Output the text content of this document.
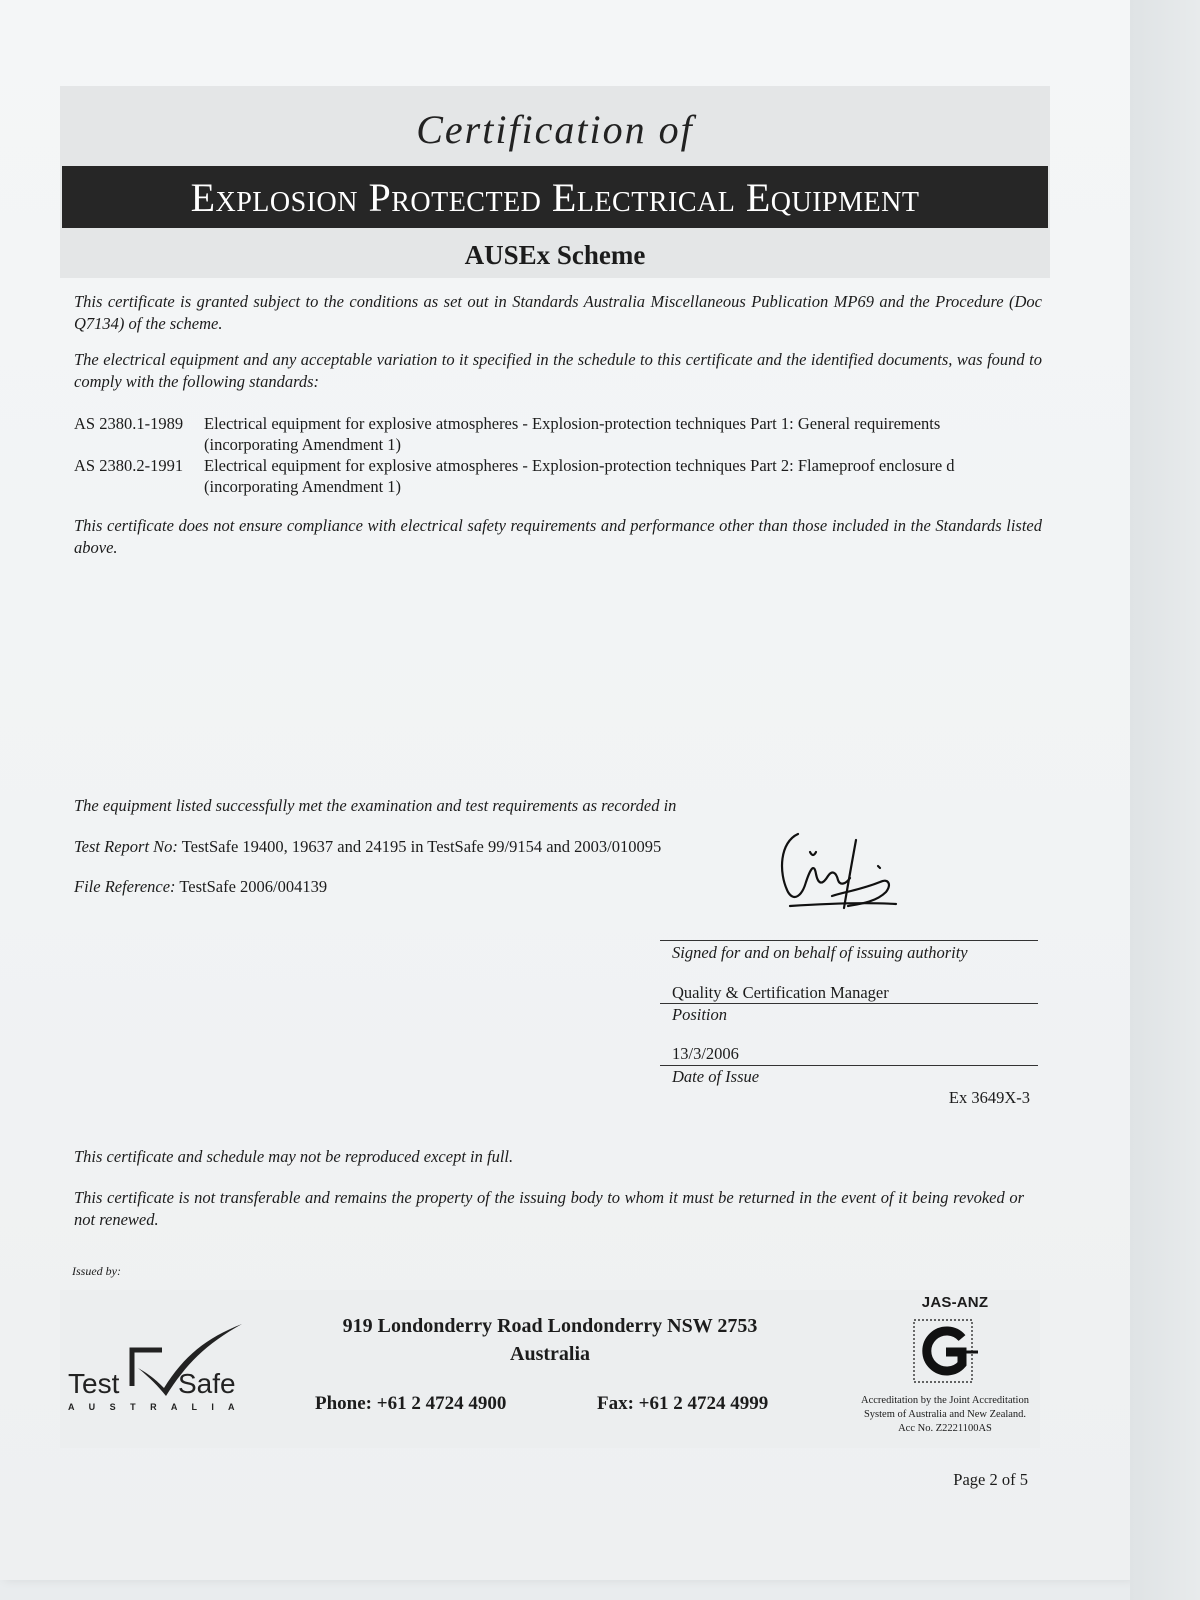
Certification of
Explosion Protected Electrical Equipment
AUSEx Scheme
This certificate is granted subject to the conditions as set out in Standards Australia Miscellaneous Publication MP69 and the Procedure (Doc Q7134) of the scheme.
The electrical equipment and any acceptable variation to it specified in the schedule to this certificate and the identified documents, was found to comply with the following standards:
AS 2380.1-1989	Electrical equipment for explosive atmospheres - Explosion-protection techniques Part 1: General requirements
(incorporating Amendment 1)
AS 2380.2-1991	Electrical equipment for explosive atmospheres - Explosion-protection techniques Part 2: Flameproof enclosure d
(incorporating Amendment 1)
This certificate does not ensure compliance with electrical safety requirements and performance other than those included in the Standards listed above.
The equipment listed successfully met the examination and test requirements as recorded in
Test Report No: TestSafe 19400, 19637 and 24195 in TestSafe 99/9154 and 2003/010095
File Reference: TestSafe 2006/004139
Signed for and on behalf of issuing authority
Quality & Certification Manager
Position
13/3/2006
Date of Issue
Ex 3649X-3
This certificate and schedule may not be reproduced except in full.
This certificate is not transferable and remains the property of the issuing body to whom it must be returned in the event of it being revoked or not renewed.
Issued by:
Test Safe
A U S T R A L I A
919 Londonderry Road Londonderry NSW 2753
Australia
Phone: +61 2 4724 4900	Fax: +61 2 4724 4999
JAS-ANZ
Accreditation by the Joint Accreditation
System of Australia and New Zealand.
Acc No. Z2221100AS
Page 2 of 5
